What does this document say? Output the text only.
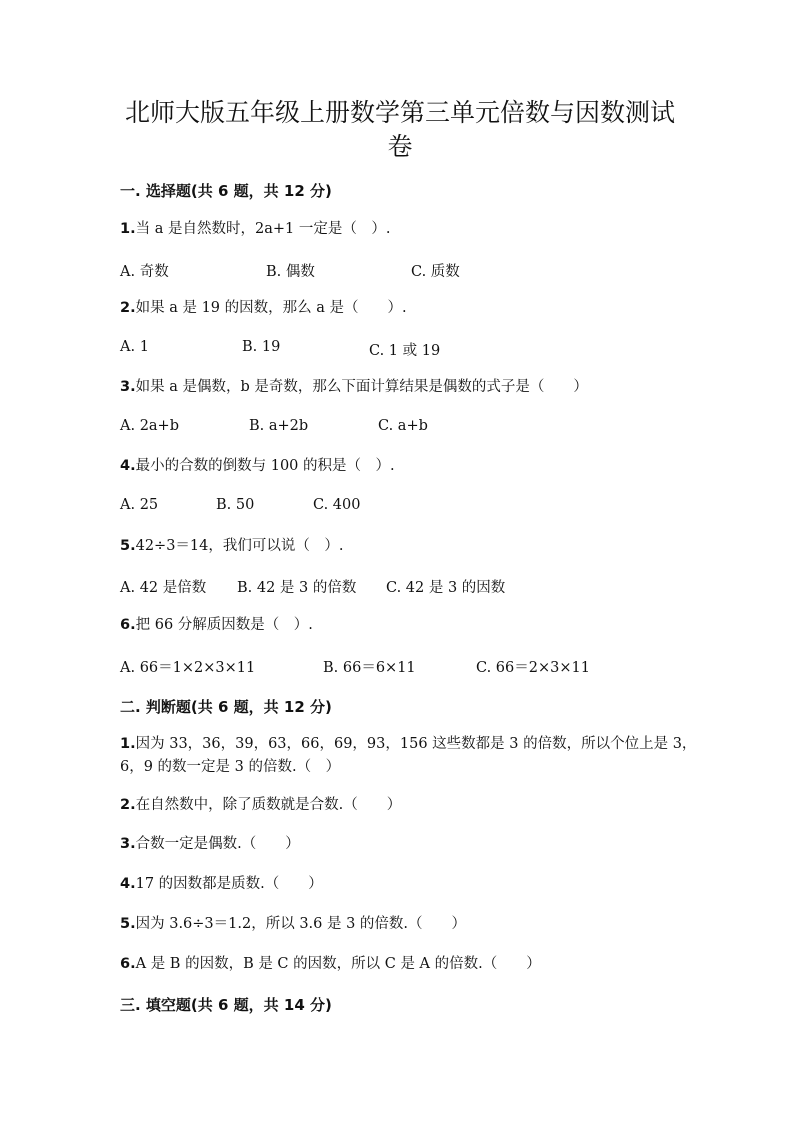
北师大版五年级上册数学第三单元倍数与因数测试
卷
一. 选择题(共 6 题，共 12 分)
1.当 a 是自然数时，2a+1 一定是（　）.
A. 奇数	B. 偶数	C. 质数
2.如果 a 是 19 的因数，那么 a 是（　　）.
A. 1	B. 19	C. 1 或 19
3.如果 a 是偶数，b 是奇数，那么下面计算结果是偶数的式子是（　　）
A. 2a+b	B. a+2b	C. a+b
4.最小的合数的倒数与 100 的积是（　）.
A. 25	B. 50	C. 400
5.42÷3＝14，我们可以说（　）.
A. 42 是倍数 B. 42 是 3 的倍数 C. 42 是 3 的因数
6.把 66 分解质因数是（　）.
A. 66＝1×2×3×11	B. 66＝6×11	C. 66＝2×3×11
二. 判断题(共 6 题，共 12 分)
1.因为 33，36，39，63，66，69，93，156 这些数都是 3 的倍数，所以个位上是 3，6，9 的数一定是 3 的倍数.（　）
2.在自然数中，除了质数就是合数.（　　）
3.合数一定是偶数.（　　）
4.17 的因数都是质数.（　　）
5.因为 3.6÷3＝1.2，所以 3.6 是 3 的倍数.（　　）
6.A 是 B 的因数，B 是 C 的因数，所以 C 是 A 的倍数.（　　）
三. 填空题(共 6 题，共 14 分)
